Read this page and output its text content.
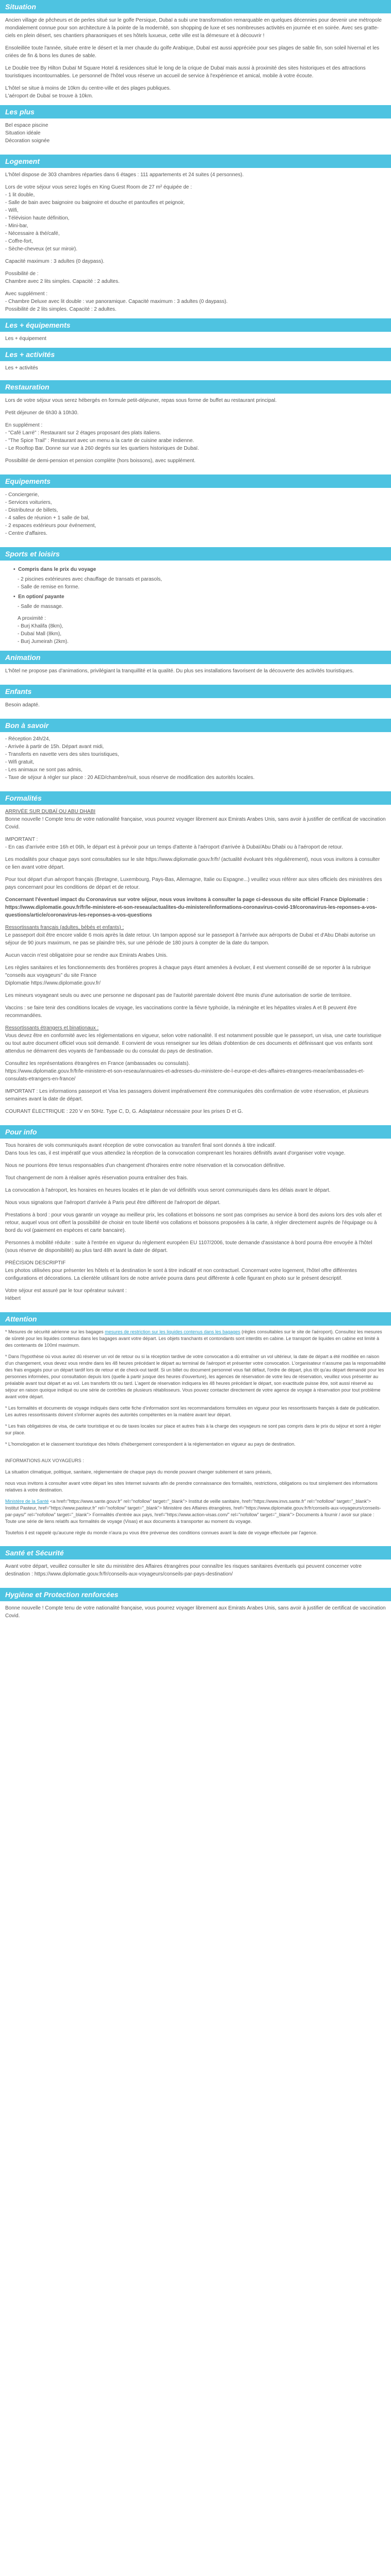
Situation

Ancien village de pêcheurs et de perles situé sur le golfe Persique, Dubaï a subi une transformation remarquable en quelques décennies pour devenir une métropole mondialement connue pour son architecture à la pointe de la modernité, son shopping de luxe et ses nombreuses activités en journée et en soirée. Avec ses gratte-ciels en plein désert, ses chantiers pharaoniques et ses hôtels luxueux, cette ville est la démesure et à découvrir !

Ensoleillée toute l'année, située entre le désert et la mer chaude du golfe Arabique, Dubaï est aussi appréciée pour ses plages de sable fin, son soleil hivernal et les criées de fin & bons les dunes de sable.

Le Double tree By Hilton Dubaï M Square Hotel & residences situé le long de la crique de Dubaï mais aussi à proximité des sites historiques et des attractions touristiques incontournables. Le personnel de l'hôtel vous réserve un accueil de service à l'expérience et amical, mobile à votre écoute.

L'hôtel se situe à moins de 10km du centre-ville et des plages publiques.
L'aéroport de Dubaï se trouve à 10km.
Les plus
Bel espace piscine
Situation idéale
Décoration soignée
Logement

L'hôtel dispose de 303 chambres réparties dans 6 étages : 111 appartements et 24 suites (4 personnes).

Lors de votre séjour vous serez logés en King Guest Room de 27 m² équipée de :
- 1 lit double,
- Salle de bain avec baignoire ou baignoire et douche et pantoufles et peignoir,
- Wifi,
- Télévision haute définition,
- Mini-bar,
- Nécessaire à thé/café,
- Coffre-fort,
- Sèche-cheveux (et sur miroir).

Capacité maximum : 3 adultes (0 daypass).

Possibilité de :

Chambre avec 2 lits simples. Capacité : 2 adultes.

Avec supplément :
- Chambre Deluxe avec lit double : vue panoramique. Capacité maximum : 3 adultes (0 daypass).
Possibilité de 2 lits simples. Capacité : 2 adultes.
Les + équipements
Les + équipement
Les + activités
Les + activités
Restauration

Lors de votre séjour vous serez hébergés en formule petit-déjeuner, repas sous forme de buffet au restaurant principal.

Petit déjeuner de 6h30 à 10h30.

En supplément :
- "Café Larré" : Restaurant sur 2 étages proposant des plats italiens.
- "The Spice Trail" : Restaurant avec un menu a la carte de cuisine arabe indienne.
- Le Rooftop Bar. Donne sur vue à 260 degrés sur les quartiers historiques de Dubaï.

Possibilité de demi-pension et pension complète (hors boissons), avec supplément.

Equipements
- Conciergerie,
- Services voituriers,
- Distributeur de billets,
- 4 salles de réunion + 1 salle de bal,
- 2 espaces extérieurs pour événement,
- Centre d'affaires.
Sports et loisirs
• Compris dans le prix du voyage
- 2 piscines extérieures avec chauffage de transats et parasols,
- Salle de remise en forme.
• En option/ payante
- Salle de massage.
A proximité :
- Burj Khalifa (8km),
- Dubaï Mall (8km),
- Burj Jumeirah (2km).
Animation

L'hôtel ne propose pas d'animations, privilégiant la tranquillité et la qualité. Du plus ses installations favorisent de la découverte des activités touristiques.

Enfants

Besoin adapté.

Bon à savoir
- Réception 24h/24,
- Arrivée à partir de 15h. Départ avant midi,
- Transferts en navette vers des sites touristiques,
- Wifi gratuit,
- Les animaux ne sont pas admis,
- Taxe de séjour à régler sur place : 20 AED/chambre/nuit, sous réserve de modification des autorités locales.
Formalités
ARRIVÉE SUR DUBAÏ OU ABU DHABI

Bonne nouvelle ! Compte tenu de votre nationalité française, vous pourrez voyager librement aux Emirats Arabes Unis, sans avoir à justifier de certificat de vaccination Covid.

IMPORTANT :

- En cas d'arrivée entre 16h et 06h, le départ est à prévoir pour un temps d'attente à l'aéroport d'arrivée à Dubaï/Abu Dhabi ou à l'aéroport de retour.

Les modalités pour chaque pays sont consultables sur le site https://www.diplomatie.gouv.fr/fr/ (actualité évoluant très régulièrement), nous vous invitons à consulter ce lien avant votre départ.

Pour tout départ d'un aéroport français (Bretagne, Luxembourg, Pays-Bas, Allemagne, Italie ou Espagne...) veuillez vous référer aux sites officiels des ministères des pays concernant pour les conditions de départ et de retour.

Concernant l'éventuel impact du Coronavirus sur votre séjour, nous vous invitons à consulter la page ci-dessous du site officiel France Diplomatie : https://www.diplomatie.gouv.fr/fr/le-ministere-et-son-reseau/actualites-du-ministere/informations-coronavirus-covid-19/coronavirus-les-reponses-a-vos-questions/article/coronavirus-les-reponses-a-vos-questions

Ressortissants français (adultes, bébés et enfants) :

Le passeport doit être encore valide 6 mois après la date retour. Un tampon apposé sur le passeport à l'arrivée aux aéroports de Dubaï et d'Abu Dhabi autorise un séjour de 90 jours maximum, ne pas se plaindre très, sur une période de 180 jours à compter de la date du tampon.

Aucun vaccin n'est obligatoire pour se rendre aux Emirats Arabes Unis.

Les règles sanitaires et les fonctionnements des frontières propres à chaque pays étant amenées à évoluer, il est vivement conseillé de se reporter à la rubrique "conseils aux voyageurs" du site France

Diplomatie https://www.diplomatie.gouv.fr/

Les mineurs voyageant seuls ou avec une personne ne disposant pas de l'autorité parentale doivent être munis d'une autorisation de sortie de territoire.

Vaccins : se faire tenir des conditions locales de voyage, les vaccinations contre la fièvre typhoïde, la méningite et les hépatites virales A et B peuvent être recommandées.

Ressortissants étrangers et binationaux :

Vous devez être en conformité avec les réglementations en vigueur, selon votre nationalité. Il est notamment possible que le passeport, un visa, une carte touristique ou tout autre document officiel vous soit demandé. Il convient de vous renseigner sur les délais d'obtention de ces documents et définissant que vos enfants sont attendus ne démarrent des voyants de l'ambassade ou du consulat du pays de destination.

Consultez les représentations étrangères en France (ambassades ou consulats).

https://www.diplomatie.gouv.fr/fr/le-ministere-et-son-reseau/annuaires-et-adresses-du-ministere-de-l-europe-et-des-affaires-etrangeres-meae/ambassades-et-consulats-etrangers-en-france/

IMPORTANT : Les informations passeport et Visa les passagers doivent impérativement être communiquées dès confirmation de votre réservation, et plusieurs semaines avant la date de départ.

COURANT ÉLECTRIQUE : 220 V en 50Hz. Type C, D, G. Adaptateur nécessaire pour les prises D et G.

Pour info
Tous horaires de vols communiqués avant réception de votre convocation au transfert final sont donnés à titre indicatif.

Dans tous les cas, il est impératif que vous attendiez la réception de la convocation comprenant les horaires définitifs avant d'organiser votre voyage.

Nous ne pourrions être tenus responsables d'un changement d'horaires entre notre réservation et la convocation définitive.

Tout changement de nom à réaliser après réservation pourra entraîner des frais.

La convocation à l'aéroport, les horaires en heures locales et le plan de vol définitifs vous seront communiqués dans les délais avant le départ.

Nous vous signalons que l'aéroport d'arrivée à Paris peut être différent de l'aéroport de départ.

Prestations à bord : pour vous garantir un voyage au meilleur prix, les collations et boissons ne sont pas comprises au service à bord des avions lors des vols aller et retour, auquel vous ont offert la possibilité de choisir en toute liberté vos collations et boissons proposées à la carte, à régler directement auprès de l'équipage ou à bord du vol (paiement en espèces et carte bancaire).

Personnes à mobilité réduite : suite à l'entrée en vigueur du règlement européen EU 1107/2006, toute demande d'assistance à bord pourra être envoyée à l'hôtel (sous réserve de disponibilité) au plus tard 48h avant la date de départ.

PRÉCISION DESCRIPTIF

Les photos utilisées pour présenter les hôtels et la destination le sont à titre indicatif et non contractuel. Concernant votre logement, l'hôtel offre différentes configurations et décorations. La clientèle utilisant lors de notre arrivée pourra dans peut différente à celle figurant en photo sur le présent descriptif.

Votre séjour est assuré par le tour opérateur suivant :

Hébert

Attention

* Mesures de sécurité aérienne sur les bagages mesures de restriction sur les liquides contenus dans les bagages (règles consultables sur le site de l'aéroport). Consultez les mesures de sûreté pour les liquides contenus dans les bagages avant votre départ. Les objets tranchants et contondants sont interdits en cabine. Le transport de liquides en cabine est limité à des contenants de 100ml maximum.

* Dans l'hypothèse où vous auriez dû réserver un vol de retour ou si la réception tardive de votre convocation a dû entraîner un vol ultérieur, la date de départ a été modifiée en raison d'un changement, vous devez vous rendre dans les 48 heures précédant le départ au terminal de l'aéroport et présenter votre convocation. L'organisateur n'assume pas la responsabilité des frais engagés pour un départ tardif lors de retour et de check-out tardif. Si un billet ou document personnel vous fait défaut, l'ordre de départ, plus tôt qu'au départ demandé pour les personnes informées, pour consultation depuis lors (quelle à partir jusque des heures d'ouverture), les agences de réservation de votre lieu de réservation, veuillez vous présenter au préalable avant tout départ et au vol. Les transferts tôt ou tard. L'agent de réservation indiquera les 48 heures précédant le départ, son exactitude puisse être, soit aussi réservé au séjour en raison quoique indiqué ou une série de contrôles de plusieurs rétablisseurs. Vous pouvez contacter directement de votre agence de voyage à réservation pour tout problème avant votre départ.

* Les formalités et documents de voyage indiqués dans cette fiche d'information sont les recommandations formulées en vigueur pour les ressortissants français à date de publication. Les autres ressortissants doivent s'informer auprès des autorités compétentes en la matière avant leur départ.

* Les frais obligatoires de visa, de carte touristique et ou de taxes locales sur place et autres frais à la charge des voyageurs ne sont pas compris dans le prix du séjour et sont à régler sur place.

* L'homologation et le classement touristique des hôtels d'hébergement correspondent à la réglementation en vigueur au pays de destination.

INFORMATIONS AUX VOYAGEURS :

La situation climatique, politique, sanitaire, réglementaire de chaque pays du monde pouvant changer subitement et sans préavis,

nous vous invitons à consulter avant votre départ les sites Internet suivants afin de prendre connaissance des formalités, restrictions, obligations ou tout simplement des informations relatives à votre destination.

Ministère de la Santé <a href="https://www.sante.gouv.fr" rel="nofollow" target="_blank"> Institut de veille sanitaire, href="https://www.invs.sante.fr" rel="nofollow" target="_blank"> Institut Pasteur, href="https://www.pasteur.fr" rel="nofollow" target="_blank"> Ministère des Affaires étrangères, href="https://www.diplomatie.gouv.fr/fr/conseils-aux-voyageurs/conseils-par-pays/" rel="nofollow" target="_blank"> Formalités d'entrée aux pays, href="https://www.action-visas.com/" rel="nofollow" target="_blank"> Documents à fournir / avoir sur place : Toute une série de liens relatifs aux formalités de voyage (Visas) et aux documents à transporter au moment du voyage.

Toutefois il est rappelé qu'aucune règle du monde n'aura pu vous être prévenue des conditions connues avant la date de voyage effectuée par l'agence.

Santé et Sécurité

Avant votre départ, veuillez consulter le site du ministère des Affaires étrangères pour connaître les risques sanitaires éventuels qui peuvent concerner votre destination : https://www.diplomatie.gouv.fr/fr/conseils-aux-voyageurs/conseils-par-pays-destination/

Hygiène et Protection renforcées

Bonne nouvelle ! Compte tenu de votre nationalité française, vous pourrez voyager librement aux Emirats Arabes Unis, sans avoir à justifier de certificat de vaccination Covid.
